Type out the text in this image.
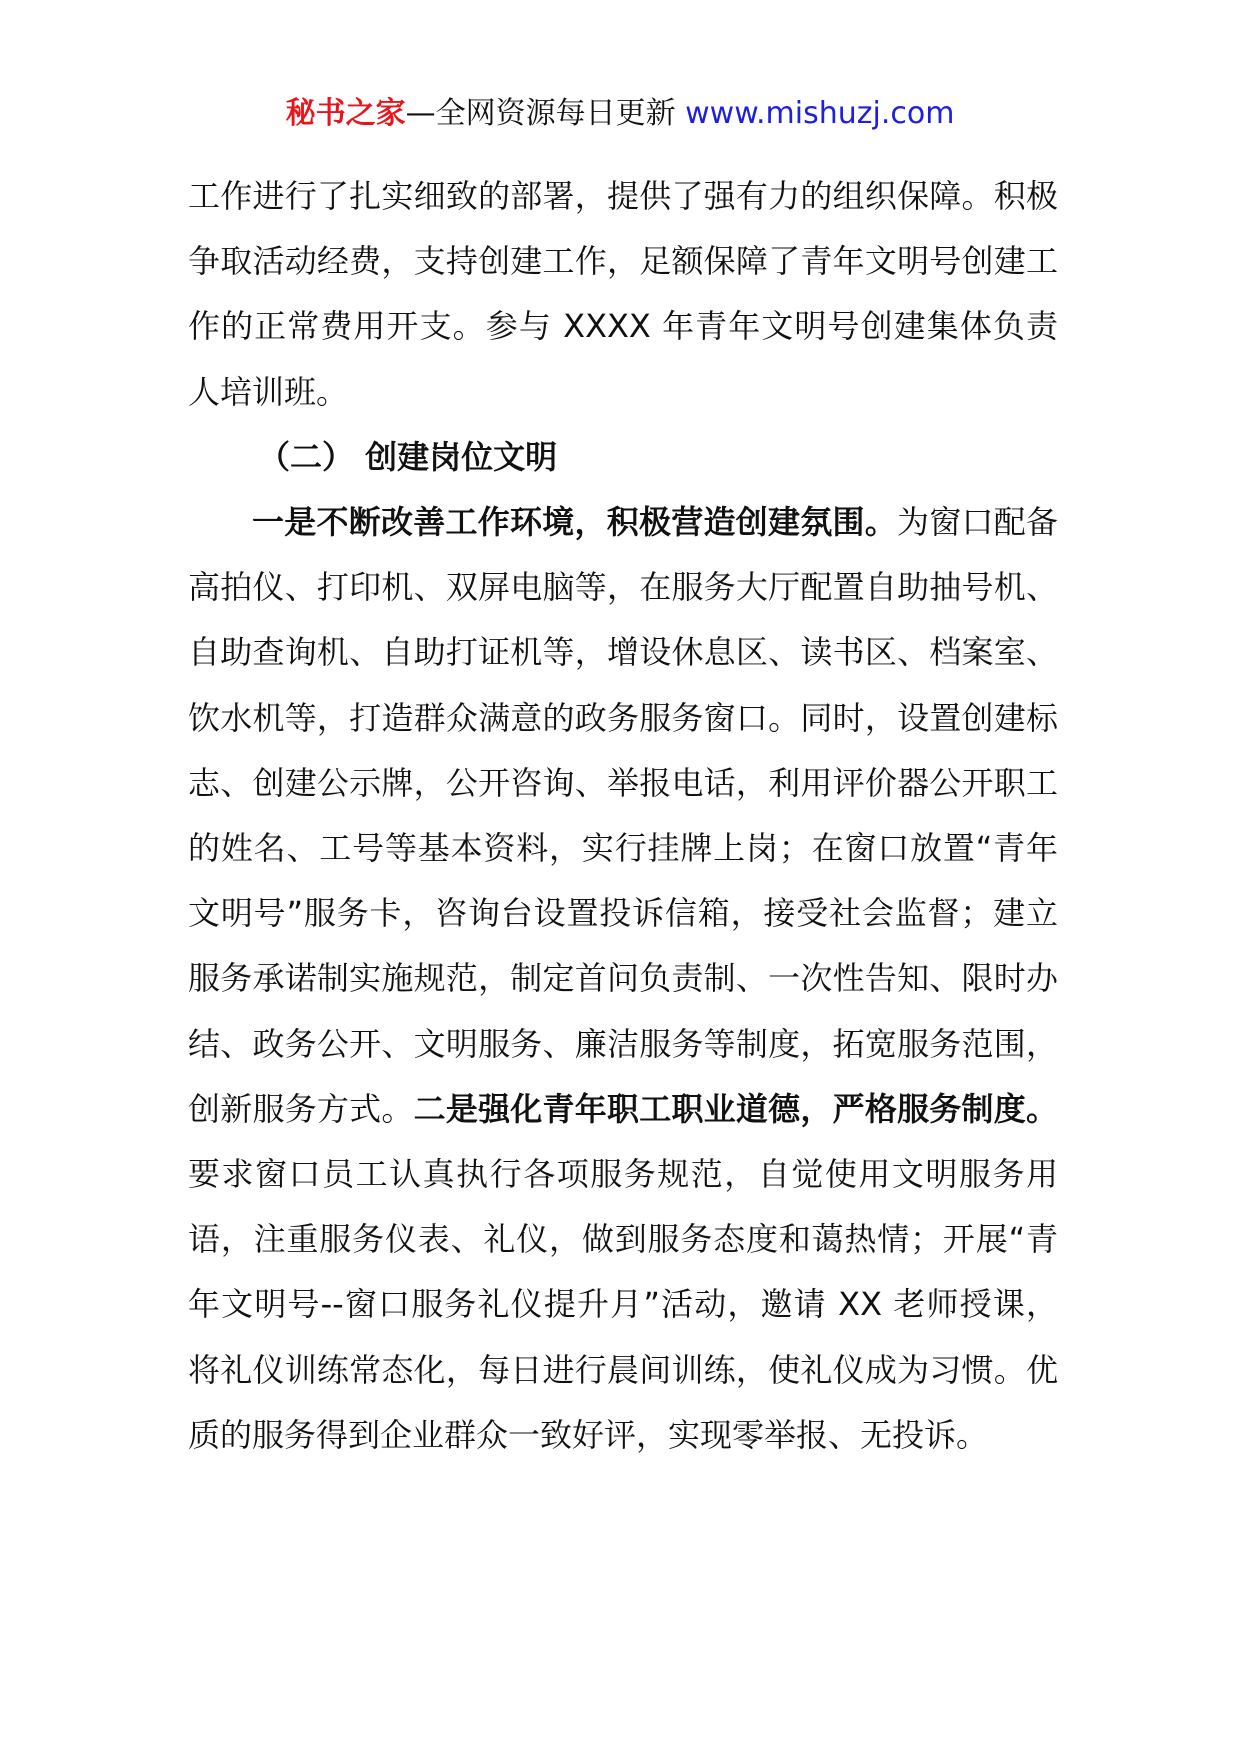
秘书之家—全网资源每日更新 www.mishuzj.com

工作进行了扎实细致的部署，提供了强有力的组织保障。积极争取活动经费，支持创建工作，足额保障了青年文明号创建工作的正常费用开支。参与 XXXX 年青年文明号创建集体负责人培训班。

（二） 创建岗位文明

一是不断改善工作环境，积极营造创建氛围。为窗口配备高拍仪、打印机、双屏电脑等，在服务大厅配置自助抽号机、自助查询机、自助打证机等，增设休息区、读书区、档案室、饮水机等，打造群众满意的政务服务窗口。同时，设置创建标志、创建公示牌，公开咨询、举报电话，利用评价器公开职工的姓名、工号等基本资料，实行挂牌上岗；在窗口放置“青年文明号”服务卡，咨询台设置投诉信箱，接受社会监督；建立服务承诺制实施规范，制定首问负责制、一次性告知、限时办结、政务公开、文明服务、廉洁服务等制度，拓宽服务范围，创新服务方式。二是强化青年职工职业道德，严格服务制度。要求窗口员工认真执行各项服务规范，自觉使用文明服务用语，注重服务仪表、礼仪，做到服务态度和蔼热情；开展“青年文明号--窗口服务礼仪提升月”活动，邀请 XX 老师授课，将礼仪训练常态化，每日进行晨间训练，使礼仪成为习惯。优质的服务得到企业群众一致好评，实现零举报、无投诉。
